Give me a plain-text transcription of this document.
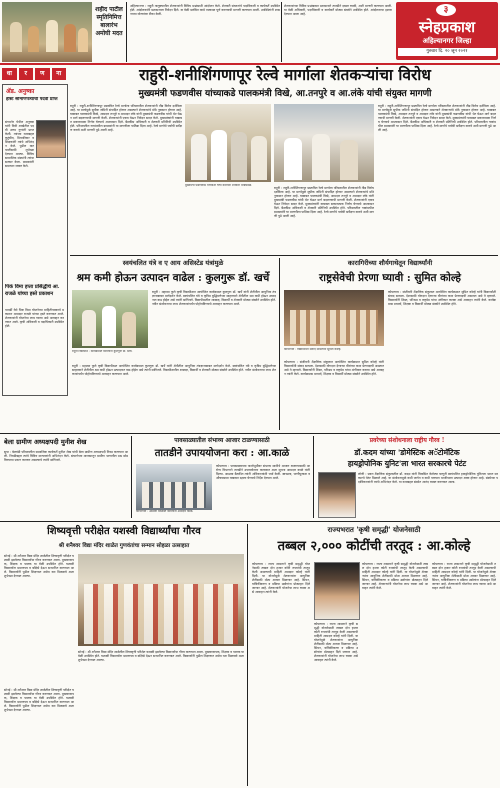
शहीद पाटील स्मृतिनिमित्त बालारंभ अमोघी मदत
अहिल्यानगर : राहुरी तालुक्यातील शेतकऱ्यांनी विविध प्रश्नांसाठी आंदोलन केले. शेतकरी संघटनांचे पदाधिकारी व कार्यकर्ते उपस्थित होते. आंदोलकांनी प्रशासनाला निवेदन दिले. या वेळी प्रलंबित कामे तात्काळ पूर्ण करण्याची मागणी करण्यात आली. उपस्थितांनी शासनाच्या धोरणांवर टीका केली.
शेतकऱ्यांच्या विविध प्रश्नांबाबत प्रशासनाने तातडीने दखल घ्यावी, अशी मागणी करण्यात आली. या वेळी अधिकारी, पदाधिकारी व कार्यकर्ते मोठ्या संख्येने उपस्थित होते. आंदोलनाचा इशारा देण्यात आला आहे.	३
स्नेहप्रकाश
अहिल्यानगर जिल्हा
गुरुवार दि. २० जून २०२१
धा	र	ण	ना	राहुरी-शनीशिंगणापूर रेल्वे मार्गाला शेतकऱ्यांचा विरोध
मुख्यमंत्री फडणवीस यांच्याकडे पालकमंत्री विखे, आ.तनपुरे व आ.लंके यांची संयुक्त मागणी
ॲड. अनुष्का
होस्टे सोमाणपत्र्याची पदवी प्राप्त
संगमनेर येथील अनुष्का यांनी विधी शाखेतील पदवी उत्तम गुणांनी प्राप्त केली. त्यांच्या यशाबद्दल कुटुंबीय, मित्रपरिवार व शिक्षकांनी त्यांचे अभिनंदन केले. पुढील वाटचालीसाठी शुभेच्छा देण्यात आल्या. विविध सामाजिक संस्थांनी त्यांचा सत्कार केला. ग्रामस्थांनी समाधान व्यक्त केले.
पिकं विमा हप्ता प्रसिद्धीचे आ. राजळे यांच्या हस्ते प्रकाशन
पाथर्डी येथे पिक विमा योजनेच्या माहितीपत्रकाचे प्रकाशन आमदार राजळे यांच्या हस्ते करण्यात आले. शेतकऱ्यांनी योजनेचा लाभ घ्यावा असे आवाहन करण्यात आले. कृषी अधिकारी व पदाधिकारी उपस्थित होते.
राहुरी : राहुरी-शनीशिंगणापूर प्रस्तावित रेल्वे मार्गाला परिसरातील शेतकऱ्यांनी तीव्र विरोध दर्शविला आहे. या मार्गामुळे सुपीक जमिनी संपादित होणार असल्याने शेतकऱ्यांचे मोठे नुकसान होणार आहे. याबाबत पालकमंत्री विखे, आमदार तनपुरे व आमदार लंके यांनी मुख्यमंत्री फडणवीस यांची भेट घेऊन मार्ग बदलण्याची मागणी केली. शेतकऱ्यांनी एकत्र येऊन निवेदन सादर केले. मुख्यमंत्र्यांनी याबाबत सकारात्मक निर्णय घेण्याचे आश्वासन दिले. बैठकीस अधिकारी व शेतकरी प्रतिनिधी उपस्थित होते. परिसरातील गावांमधील ग्रामस्थांनी या मागणीला पाठिंबा दिला आहे. रेल्वे मार्गाचे पर्यायी सर्वेक्षण करावे अशी मागणी पुढे आली आहे.
मुख्यमंत्री फडणवीस यांच्याशी चर्चा करताना शेतकरी शिष्टमंडळ.
राहुरी : राहुरी-शनीशिंगणापूर प्रस्तावित रेल्वे मार्गाला परिसरातील शेतकऱ्यांनी तीव्र विरोध दर्शविला आहे. या मार्गामुळे सुपीक जमिनी संपादित होणार असल्याने शेतकऱ्यांचे मोठे नुकसान होणार आहे. याबाबत पालकमंत्री विखे, आमदार तनपुरे व आमदार लंके यांनी मुख्यमंत्री फडणवीस यांची भेट घेऊन मार्ग बदलण्याची मागणी केली. शेतकऱ्यांनी एकत्र येऊन निवेदन सादर केले. मुख्यमंत्र्यांनी याबाबत सकारात्मक निर्णय घेण्याचे आश्वासन दिले. बैठकीस अधिकारी व शेतकरी प्रतिनिधी उपस्थित होते. परिसरातील गावांमधील ग्रामस्थांनी या मागणीला पाठिंबा दिला आहे. रेल्वे मार्गाचे पर्यायी सर्वेक्षण करावे अशी मागणी पुढे आली आहे.
राहुरी : राहुरी-शनीशिंगणापूर प्रस्तावित रेल्वे मार्गाला परिसरातील शेतकऱ्यांनी तीव्र विरोध दर्शविला आहे. या मार्गामुळे सुपीक जमिनी संपादित होणार असल्याने शेतकऱ्यांचे मोठे नुकसान होणार आहे. याबाबत पालकमंत्री विखे, आमदार तनपुरे व आमदार लंके यांनी मुख्यमंत्री फडणवीस यांची भेट घेऊन मार्ग बदलण्याची मागणी केली. शेतकऱ्यांनी एकत्र येऊन निवेदन सादर केले. मुख्यमंत्र्यांनी याबाबत सकारात्मक निर्णय घेण्याचे आश्वासन दिले. बैठकीस अधिकारी व शेतकरी प्रतिनिधी उपस्थित होते. परिसरातील गावांमधील ग्रामस्थांनी या मागणीला पाठिंबा दिला आहे. रेल्वे मार्गाचे पर्यायी सर्वेक्षण करावे अशी मागणी पुढे आली आहे.
स्वयंचलित यंत्रे व ए आय असिस्टेड यंत्रांमुळे
श्रम कमी होऊन उत्पादन वाढेल : कुलगुरू डॉ. खर्चे
राहुरी विद्यापीठ : कार्यक्रमात बोलताना कुलगुरू डॉ. खर्चे.
राहुरी : महात्मा फुले कृषी विद्यापीठात आयोजित कार्यक्रमात कुलगुरू डॉ. खर्चे यांनी शेतीतील आधुनिक तंत्रज्ञानाबाबत मार्गदर्शन केले. स्वयंचलित यंत्रे व कृत्रिम बुद्धिमत्तेच्या साहाय्याने शेतीतील श्रम कमी होऊन उत्पादनात वाढ होईल असे त्यांनी सांगितले. विद्यापीठातील शास्त्रज्ञ, विद्यार्थी व शेतकरी मोठ्या संख्येने उपस्थित होते. नवीन संशोधनाचा लाभ शेतकऱ्यांपर्यंत पोहोचविण्याचे आवाहन करण्यात आले.
राहुरी : महात्मा फुले कृषी विद्यापीठात आयोजित कार्यक्रमात कुलगुरू डॉ. खर्चे यांनी शेतीतील आधुनिक तंत्रज्ञानाबाबत मार्गदर्शन केले. स्वयंचलित यंत्रे व कृत्रिम बुद्धिमत्तेच्या साहाय्याने शेतीतील श्रम कमी होऊन उत्पादनात वाढ होईल असे त्यांनी सांगितले. विद्यापीठातील शास्त्रज्ञ, विद्यार्थी व शेतकरी मोठ्या संख्येने उपस्थित होते. नवीन संशोधनाचा लाभ शेतकऱ्यांपर्यंत पोहोचविण्याचे आवाहन करण्यात आले.
कारागिरीच्या शौर्यगाथेतून विद्यार्थ्यांनी
राष्ट्रसेवेची प्रेरणा घ्यावी : सुमित कोल्हे
कोपरगाव : विद्यार्थ्यांशी संवाद साधताना सुमित कोल्हे.
कोपरगाव : संजीवनी शैक्षणिक संकुलात आयोजित कार्यक्रमात सुमित कोल्हे यांनी विद्यार्थ्यांशी संवाद साधला. देशासाठी योगदान देणाऱ्या वीरांच्या कथा प्रेरणादायी असतात असे ते म्हणाले. विद्यार्थ्यांनी शिस्त, परिश्रम व राष्ट्रप्रेम यांचा अंगीकार करावा असे आवाहन त्यांनी केले. कार्यक्रमास प्राचार्य, शिक्षक व विद्यार्थी मोठ्या संख्येने उपस्थित होते.
कोपरगाव : संजीवनी शैक्षणिक संकुलात आयोजित कार्यक्रमात सुमित कोल्हे यांनी विद्यार्थ्यांशी संवाद साधला. देशासाठी योगदान देणाऱ्या वीरांच्या कथा प्रेरणादायी असतात असे ते म्हणाले. विद्यार्थ्यांनी शिस्त, परिश्रम व राष्ट्रप्रेम यांचा अंगीकार करावा असे आवाहन त्यांनी केले. कार्यक्रमास प्राचार्य, शिक्षक व विद्यार्थी मोठ्या संख्येने उपस्थित होते.
बेला ग्रामीण अध्यक्षपदी मुनीश शेख
सुपा : बेलवंडी परिसरातील सामाजिक कार्यकर्ते मुनीश शेख यांची बेला ग्रामीण अध्यक्षपदी निवड करण्यात आली. निवडीबद्दल त्यांचे विविध मान्यवरांनी अभिनंदन केले. संघटनेच्या माध्यमातून ग्रामीण भागातील प्रश्न सोडविण्याचा प्रयत्न करणार असल्याचे त्यांनी सांगितले.
पावसाळ्यातील संभाव्य आजार टाळण्यासाठी
तातडीने उपाययोजना करा : आ.काळे
कोपरगाव : आढावा बैठकीत बोलताना आमदार काळे.
कोपरगाव : पावसाळ्याच्या पार्श्वभूमीवर संभाव्य साथीचे आजार टाळण्यासाठी आरोग्य विभागाने तातडीने उपाययोजना कराव्यात अशा सूचना आमदार काळे यांनी दिल्या. आढावा बैठकीत त्यांनी अधिकाऱ्यांशी चर्चा केली. स्वच्छता, पाणीपुरवठा व औषधसाठा याबाबत दक्षता घेण्याचे निर्देश देण्यात आले.
प्रवरेच्या संशोधनाला राष्ट्रीय गौरव !
डॉ.कदम यांच्या 'डोमेस्टिक अॅटोमॅटिक
हायड्रोपोनिक युनिट'ला भारत सरकारचे पेटंट
लोणी : प्रवरा शैक्षणिक संकुलातील डॉ. कदम यांनी विकसित केलेल्या घरगुती स्वयंचलित हायड्रोपोनिक युनिटला भारत सरकारचे पेटंट मिळाले आहे. या संशोधनामुळे कमी जागेत व कमी पाण्यात भाजीपाला उत्पादन शक्य होणार आहे. संस्थेच्या पदाधिकाऱ्यांनी त्यांचे अभिनंदन केले. या यशाबद्दल संस्थेत आनंद व्यक्त करण्यात आला.
शिष्यवृत्ती परीक्षेत यशस्वी विद्यार्थ्यांचा गौरव
श्री शनैश्वर विद्या मंदिर शाळेत गुणवंतांचा सन्मान सोहळा उत्साहात
सोनई : श्री शनैश्वर विद्या मंदिर शाळेतील शिष्यवृत्ती परीक्षेत यशस्वी झालेल्या विद्यार्थ्यांचा गौरव करण्यात आला. मुख्याध्यापक, शिक्षक व पालक या वेळी उपस्थित होते. यशस्वी विद्यार्थ्यांना प्रमाणपत्र व बक्षिसे देऊन सन्मानित करण्यात आले. विद्यार्थ्यांनी पुढील शिक्षणात असेच यश मिळवावे अशा शुभेच्छा देण्यात आल्या.
सोनई : श्री शनैश्वर विद्या मंदिर शाळेतील शिष्यवृत्ती परीक्षेत यशस्वी झालेल्या विद्यार्थ्यांचा गौरव करण्यात आला. मुख्याध्यापक, शिक्षक व पालक या वेळी उपस्थित होते. यशस्वी विद्यार्थ्यांना प्रमाणपत्र व बक्षिसे देऊन सन्मानित करण्यात आले. विद्यार्थ्यांनी पुढील शिक्षणात असेच यश मिळवावे अशा शुभेच्छा देण्यात आल्या.
सोनई : श्री शनैश्वर विद्या मंदिर शाळेतील शिष्यवृत्ती परीक्षेत यशस्वी झालेल्या विद्यार्थ्यांचा गौरव करण्यात आला. मुख्याध्यापक, शिक्षक व पालक या वेळी उपस्थित होते. यशस्वी विद्यार्थ्यांना प्रमाणपत्र व बक्षिसे देऊन सन्मानित करण्यात आले. विद्यार्थ्यांनी पुढील शिक्षणात असेच यश मिळवावे अशा शुभेच्छा देण्यात आल्या.
राज्यभरात 'कृषी समृद्धी' योजनेसाठी
तब्बल २,००० कोटींची तरतूद : आ.कोल्हे
कोपरगाव : राज्य शासनाने कृषी समृद्धी योजनेसाठी तब्बल दोन हजार कोटी रुपयांची तरतूद केली असल्याची माहिती आमदार कोल्हे यांनी दिली. या योजनेमुळे शेतकऱ्यांना आधुनिक शेतीसाठी मोठा आधार मिळणार आहे. सिंचन, यांत्रिकीकरण व प्रक्रिया उद्योगांना प्रोत्साहन दिले जाणार आहे. शेतकऱ्यांनी योजनेचा लाभ घ्यावा असे आवाहन त्यांनी केले.
कोपरगाव : राज्य शासनाने कृषी समृद्धी योजनेसाठी तब्बल दोन हजार कोटी रुपयांची तरतूद केली असल्याची माहिती आमदार कोल्हे यांनी दिली. या योजनेमुळे शेतकऱ्यांना आधुनिक शेतीसाठी मोठा आधार मिळणार आहे. सिंचन, यांत्रिकीकरण व प्रक्रिया उद्योगांना प्रोत्साहन दिले जाणार आहे. शेतकऱ्यांनी योजनेचा लाभ घ्यावा असे आवाहन त्यांनी केले.
कोपरगाव : राज्य शासनाने कृषी समृद्धी योजनेसाठी तब्बल दोन हजार कोटी रुपयांची तरतूद केली असल्याची माहिती आमदार कोल्हे यांनी दिली. या योजनेमुळे शेतकऱ्यांना आधुनिक शेतीसाठी मोठा आधार मिळणार आहे. सिंचन, यांत्रिकीकरण व प्रक्रिया उद्योगांना प्रोत्साहन दिले जाणार आहे. शेतकऱ्यांनी योजनेचा लाभ घ्यावा असे आवाहन त्यांनी केले.
कोपरगाव : राज्य शासनाने कृषी समृद्धी योजनेसाठी तब्बल दोन हजार कोटी रुपयांची तरतूद केली असल्याची माहिती आमदार कोल्हे यांनी दिली. या योजनेमुळे शेतकऱ्यांना आधुनिक शेतीसाठी मोठा आधार मिळणार आहे. सिंचन, यांत्रिकीकरण व प्रक्रिया उद्योगांना प्रोत्साहन दिले जाणार आहे. शेतकऱ्यांनी योजनेचा लाभ घ्यावा असे आवाहन त्यांनी केले.
